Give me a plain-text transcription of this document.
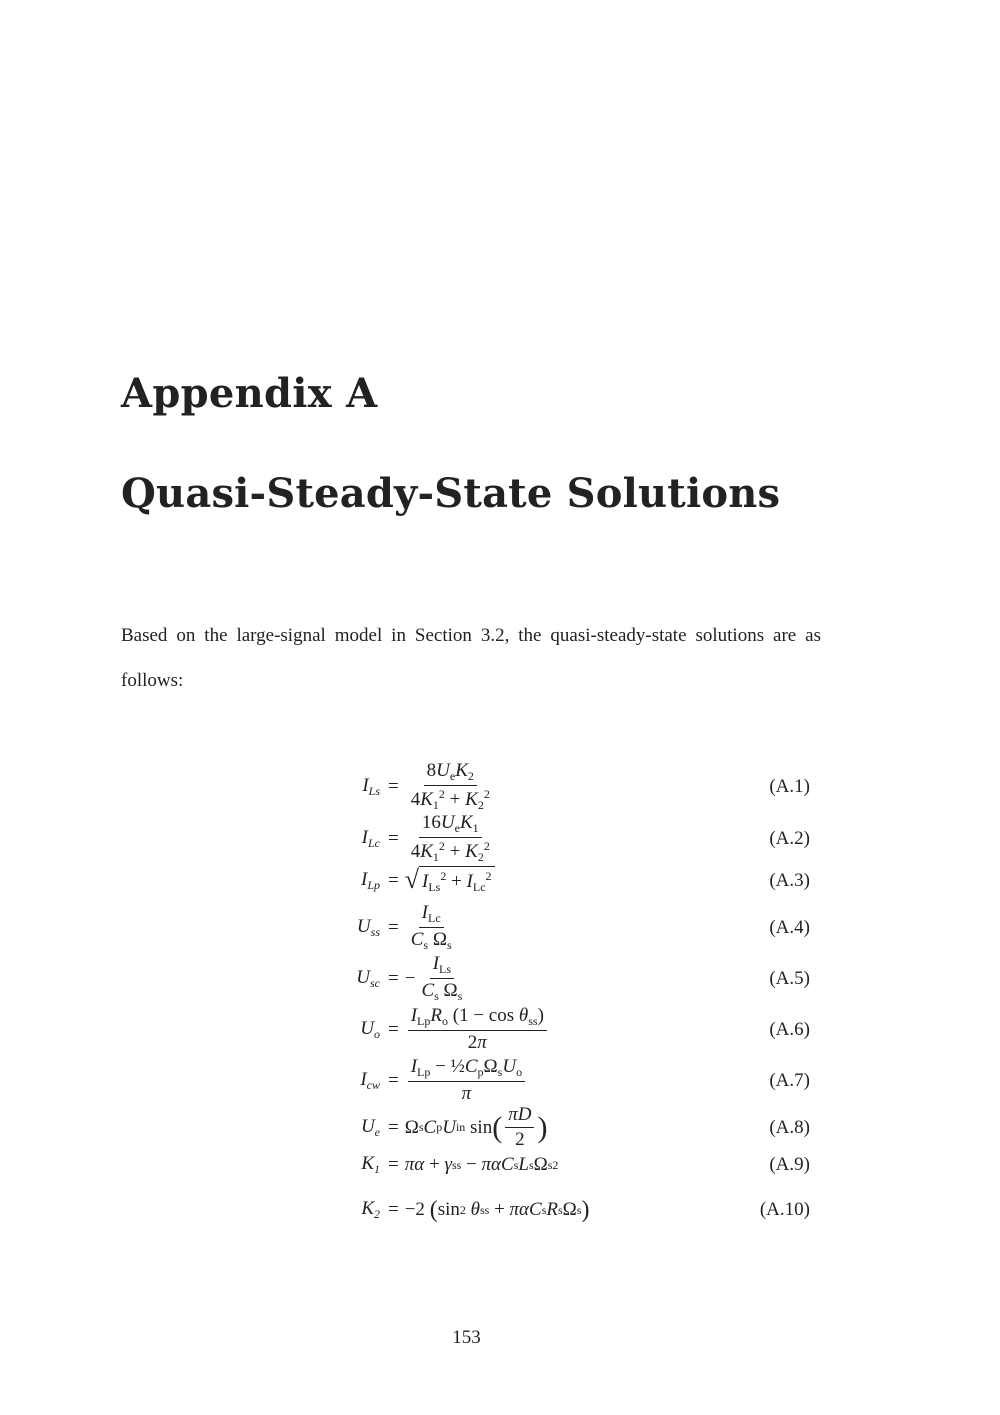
Appendix A
Quasi-Steady-State Solutions

Based on the large-signal model in Section 3.2, the quasi-steady-state solutions are as follows:

$I_{Ls} = \frac{8U_eK_2}{4K_1^2 + K_2^2}$	(A.1)
$I_{Lc} = \frac{16U_eK_1}{4K_1^2 + K_2^2}$	(A.2)
$I_{Lp}$ = √ $I_{Ls}^2 + I_{Lc}^2$	(A.3)
$U_{ss} = \frac{I_{Lc}}{C_s \Omega_s}$	(A.4)
$U_{sc}$ = − $\frac{I_{Ls}}{C_s \Omega_s}$	(A.5)
$U_o = \frac{I_{Lp}R_o (1 - \cos \theta_{ss})}{2\pi}$	(A.6)
$I_{cw} = \frac{I_{Lp} - \frac{1}{2}C_p\Omega_sU_o}{\pi}$	(A.7)
$U_e = \Omega$ s C p U in sin ( $\frac{\pi D}{2}$ )	(A.8)
$K_1 = \pi\alpha + \gamma$ ss − πα C s L s Ω s 2	(A.9)
$K_2 = -2$ ( sin 2
θ ss + πα C s R s Ω s )	(A.10)

153
